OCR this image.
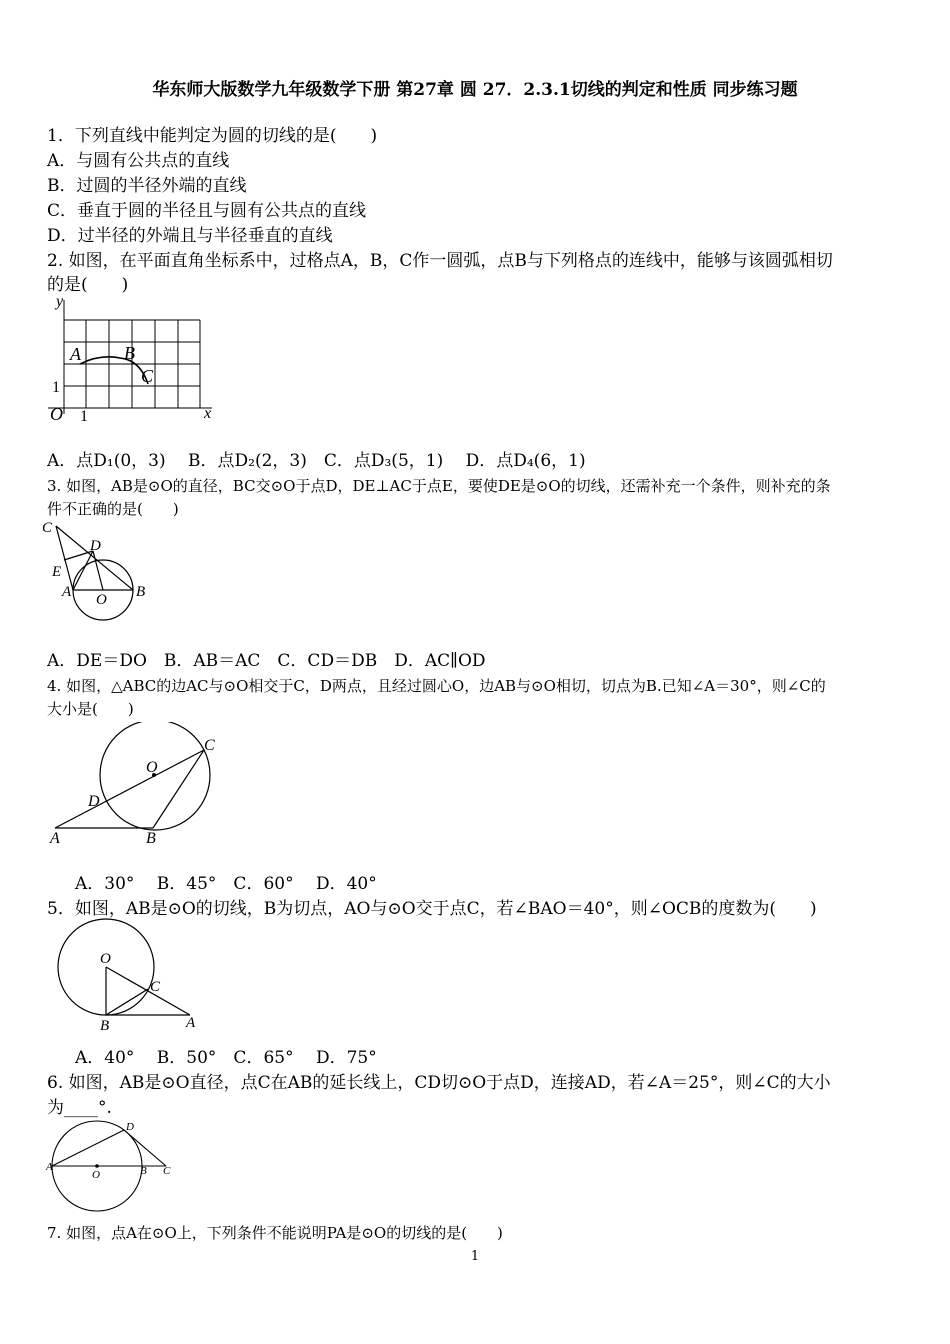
华东师大版数学九年级数学下册 第27章 圆 27．2.3.1切线的判定和性质 同步练习题
1．下列直线中能判定为圆的切线的是(　　)
A．与圆有公共点的直线
B．过圆的半径外端的直线
C．垂直于圆的半径且与圆有公共点的直线
D．过半径的外端且与半径垂直的直线
2. 如图，在平面直角坐标系中，过格点A，B，C作一圆弧，点B与下列格点的连线中，能够与该圆弧相切
的是(　　)
y
x
O 1
1
A B
C
A．点D₁(0，3)　 B．点D₂(2，3)　C．点D₃(5，1)　 D．点D₄(6，1)
3. 如图，AB是⊙O的直径，BC交⊙O于点D，DE⊥AC于点E，要使DE是⊙O的切线，还需补充一个条件，则补充的条
件不正确的是(　　)
C
D
E
A O B
A．DE＝DO　B．AB＝AC　C．CD＝DB　D．AC∥OD
4. 如图，△ABC的边AC与⊙O相交于C，D两点，且经过圆心O，边AB与⊙O相切，切点为B.已知∠A＝30°，则∠C的
大小是(　　)
O
C
D
A	B
A．30°　 B．45°　C．60°　 D．40°
5．如图，AB是⊙O的切线，B为切点，AO与⊙O交于点C，若∠BAO＝40°，则∠OCB的度数为(　　)
O
C
B	A
A．40°　 B．50°　C．65°　 D．75°
6. 如图，AB是⊙O直径，点C在AB的延长线上，CD切⊙O于点D，连接AD，若∠A＝25°，则∠C的大小
为____°.
D
A
O	B C
7. 如图，点A在⊙O上，下列条件不能说明PA是⊙O的切线的是(　　)
1
